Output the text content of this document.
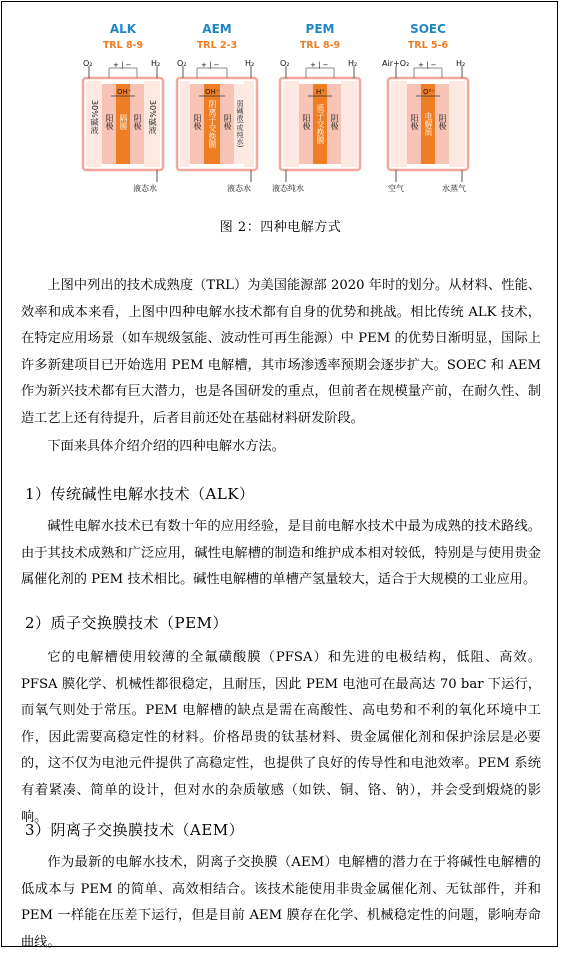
ALK
TRL 8-9
O₂	H₂
+ | −
OH⁻
30%碱液	30%碱液
阳极 隔膜 阴极
液态水
AEM
TRL 2-3
O₂	H₂
+ | −
OH⁻
阳极 阴离子交换膜 阴极 弱碱液(或纯水)
液态水
PEM
TRL 8-9
O₂	H₂
+ | −
H⁺
阳极 质子交换膜 阴极
液态纯水
SOEC
TRL 5-6
Air+O₂	H₂
+ | −
O²⁻
阳极 电解质 阴极
空气	水蒸气
图 2：四种电解方式

上图中列出的技术成熟度（TRL）为美国能源部 2020 年时的划分。从材料、性能、效率和成本来看，上图中四种电解水技术都有自身的优势和挑战。相比传统 ALK 技术，在特定应用场景（如车规级氢能、波动性可再生能源）中 PEM 的优势日渐明显，国际上许多新建项目已开始选用 PEM 电解槽，其市场渗透率预期会逐步扩大。SOEC 和 AEM 作为新兴技术都有巨大潜力，也是各国研发的重点，但前者在规模量产前，在耐久性、制造工艺上还有待提升，后者目前还处在基础材料研发阶段。

下面来具体介绍介绍的四种电解水方法。

1）传统碱性电解水技术（ALK）

碱性电解水技术已有数十年的应用经验，是目前电解水技术中最为成熟的技术路线。由于其技术成熟和广泛应用，碱性电解槽的制造和维护成本相对较低，特别是与使用贵金属催化剂的 PEM 技术相比。碱性电解槽的单槽产氢量较大，适合于大规模的工业应用。

2）质子交换膜技术（PEM）

它的电解槽使用较薄的全氟磺酸膜（PFSA）和先进的电极结构，低阻、高效。PFSA 膜化学、机械性都很稳定，且耐压，因此 PEM 电池可在最高达 70 bar 下运行，而氧气则处于常压。PEM 电解槽的缺点是需在高酸性、高电势和不利的氧化环境中工作，因此需要高稳定性的材料。价格昂贵的钛基材料、贵金属催化剂和保护涂层是必要的，这不仅为电池元件提供了高稳定性，也提供了良好的传导性和电池效率。PEM 系统有着紧凑、简单的设计，但对水的杂质敏感（如铁、铜、铬、钠），并会受到煅烧的影响。

3）阴离子交换膜技术（AEM）

作为最新的电解水技术，阴离子交换膜（AEM）电解槽的潜力在于将碱性电解槽的低成本与 PEM 的简单、高效相结合。该技术能使用非贵金属催化剂、无钛部件，并和 PEM 一样能在压差下运行，但是目前 AEM 膜存在化学、机械稳定性的问题，影响寿命曲线。
